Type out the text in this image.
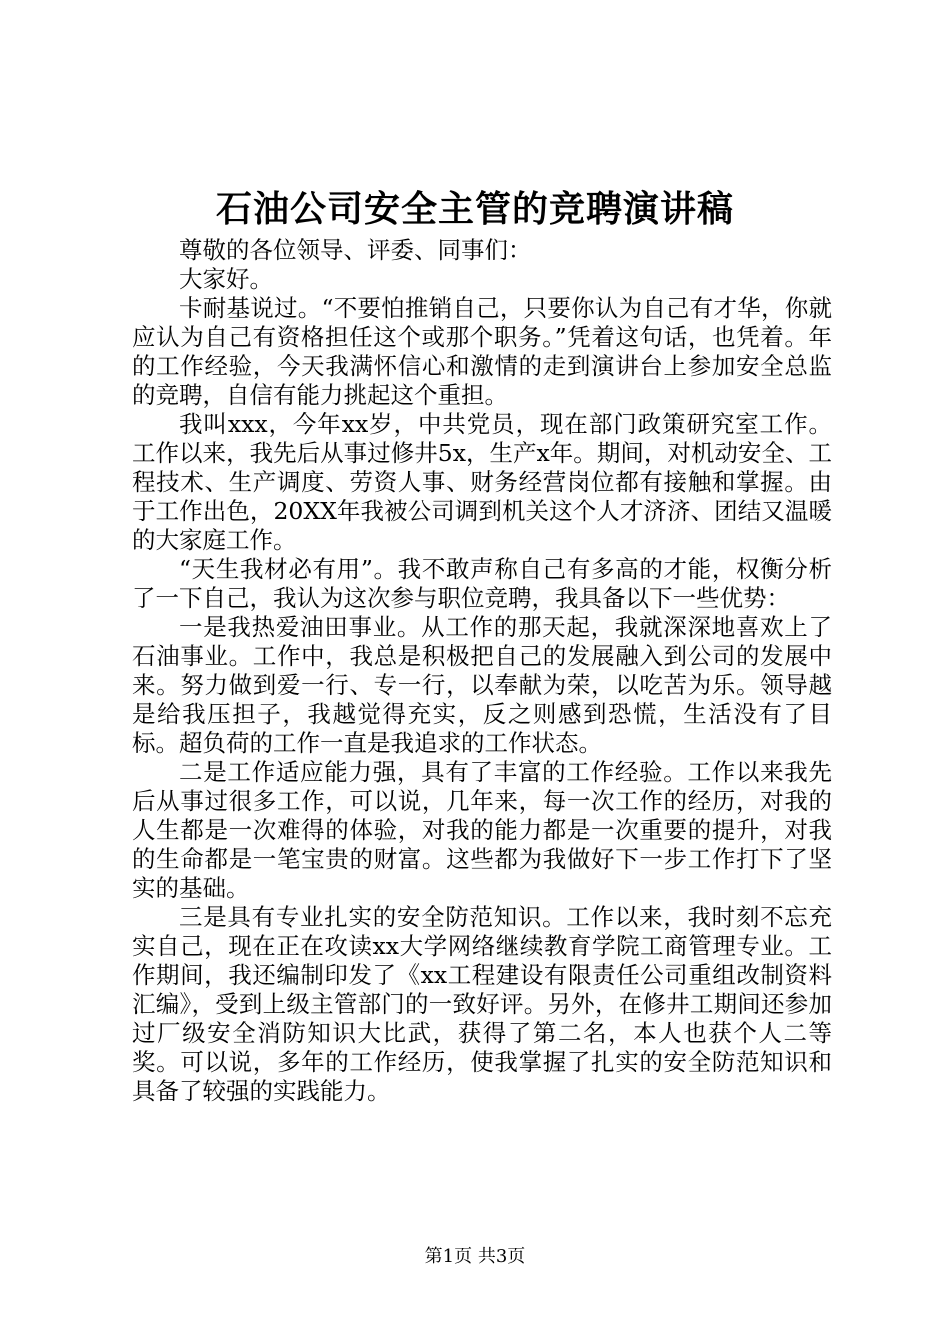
石油公司安全主管的竞聘演讲稿

尊敬的各位领导、评委、同事们：

大家好。

卡耐基说过。“不要怕推销自己，只要你认为自己有才华，你就应认为自己有资格担任这个或那个职务。”凭着这句话，也凭着。年的工作经验，今天我满怀信心和激情的走到演讲台上参加安全总监的竞聘，自信有能力挑起这个重担。

我叫xxx，今年xx岁，中共党员，现在部门政策研究室工作。工作以来，我先后从事过修井5x，生产x年。期间，对机动安全、工程技术、生产调度、劳资人事、财务经营岗位都有接触和掌握。由于工作出色，20XX年我被公司调到机关这个人才济济、团结又温暖的大家庭工作。

“天生我材必有用”。我不敢声称自己有多高的才能，权衡分析了一下自己，我认为这次参与职位竞聘，我具备以下一些优势：

一是我热爱油田事业。从工作的那天起，我就深深地喜欢上了石油事业。工作中，我总是积极把自己的发展融入到公司的发展中来。努力做到爱一行、专一行，以奉献为荣，以吃苦为乐。领导越是给我压担子，我越觉得充实，反之则感到恐慌，生活没有了目标。超负荷的工作一直是我追求的工作状态。

二是工作适应能力强，具有了丰富的工作经验。工作以来我先后从事过很多工作，可以说，几年来，每一次工作的经历，对我的人生都是一次难得的体验，对我的能力都是一次重要的提升，对我的生命都是一笔宝贵的财富。这些都为我做好下一步工作打下了坚实的基础。

三是具有专业扎实的安全防范知识。工作以来，我时刻不忘充实自己，现在正在攻读xx大学网络继续教育学院工商管理专业。工作期间，我还编制印发了《xx工程建设有限责任公司重组改制资料汇编》，受到上级主管部门的一致好评。另外，在修井工期间还参加过厂级安全消防知识大比武，获得了第二名，本人也获个人二等奖。可以说，多年的工作经历，使我掌握了扎实的安全防范知识和具备了较强的实践能力。

第1页 共3页
